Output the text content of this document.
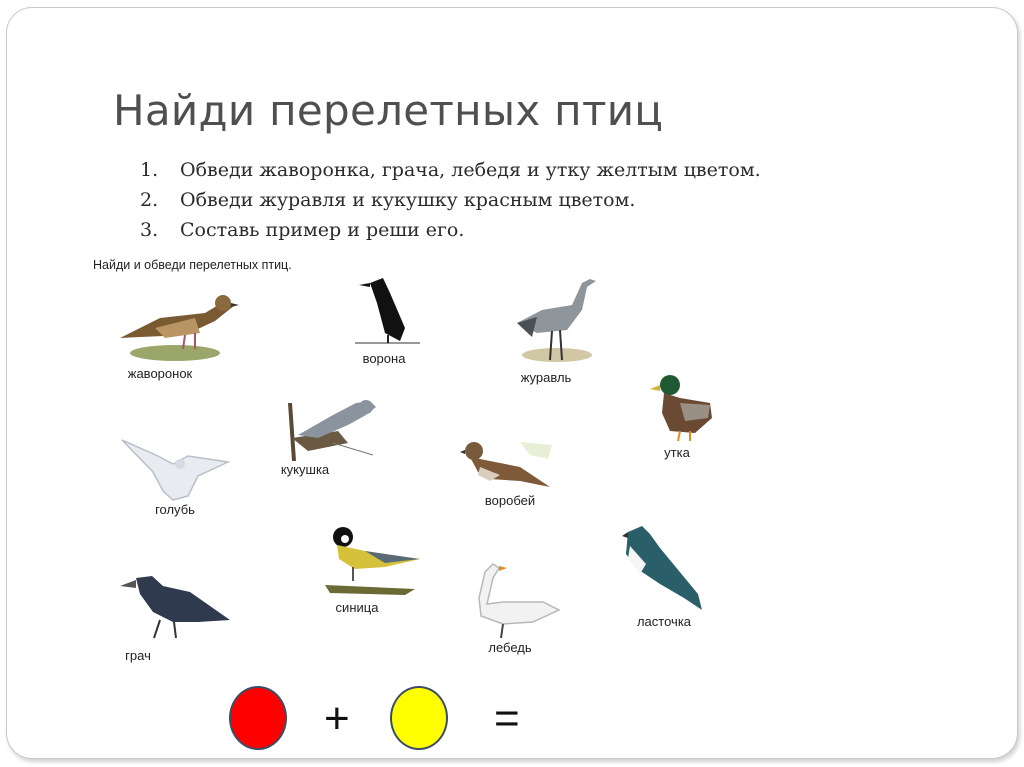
Найди перелетных птиц
1. Обведи жаворонка, грача, лебедя и утку желтым цветом.
2. Обведи журавля и кукушку красным цветом.
3. Составь пример и реши его.
Найди и обведи перелетных птиц.
жаворонок
ворона
журавль
утка
кукушка
голубь
воробей
синица
лебедь
ласточка
грач
+	=
